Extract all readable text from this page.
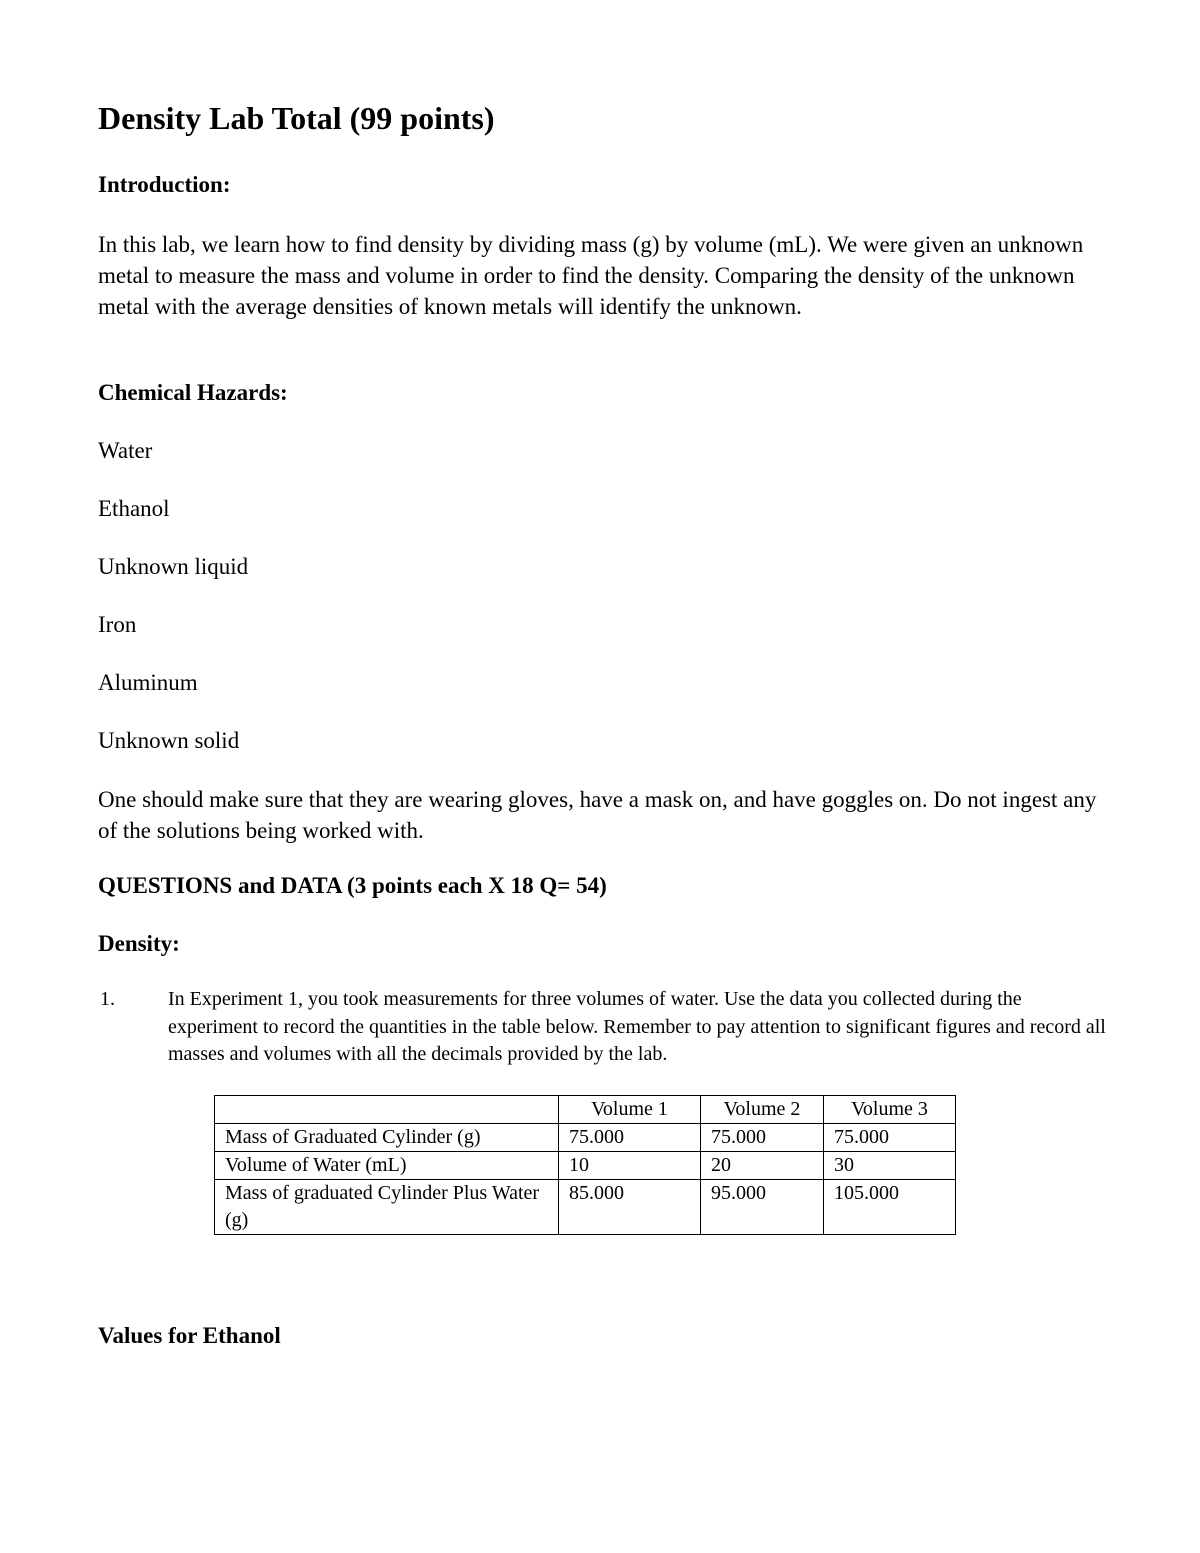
Density Lab Total (99 points)
Introduction:

In this lab, we learn how to find density by dividing mass (g) by volume (mL). We were given an unknown metal to measure the mass and volume in order to find the density. Comparing the density of the unknown metal with the average densities of known metals will identify the unknown.

Chemical Hazards:

Water

Ethanol

Unknown liquid

Iron

Aluminum

Unknown solid

One should make sure that they are wearing gloves, have a mask on, and have goggles on. Do not ingest any of the solutions being worked with.

QUESTIONS and DATA (3 points each X 18 Q= 54)
Density:

1.	In Experiment 1, you took measurements for three volumes of water. Use the data you collected during the experiment to record the quantities in the table below. Remember to pay attention to significant figures and record all masses and volumes with all the decimals provided by the lab.

	Volume 1	Volume 2	Volume 3
Mass of Graduated Cylinder (g)	75.000	75.000	75.000
Volume of Water (mL)	10	20	30
Mass of graduated Cylinder Plus Water (g)	85.000	95.000	105.000
Values for Ethanol
